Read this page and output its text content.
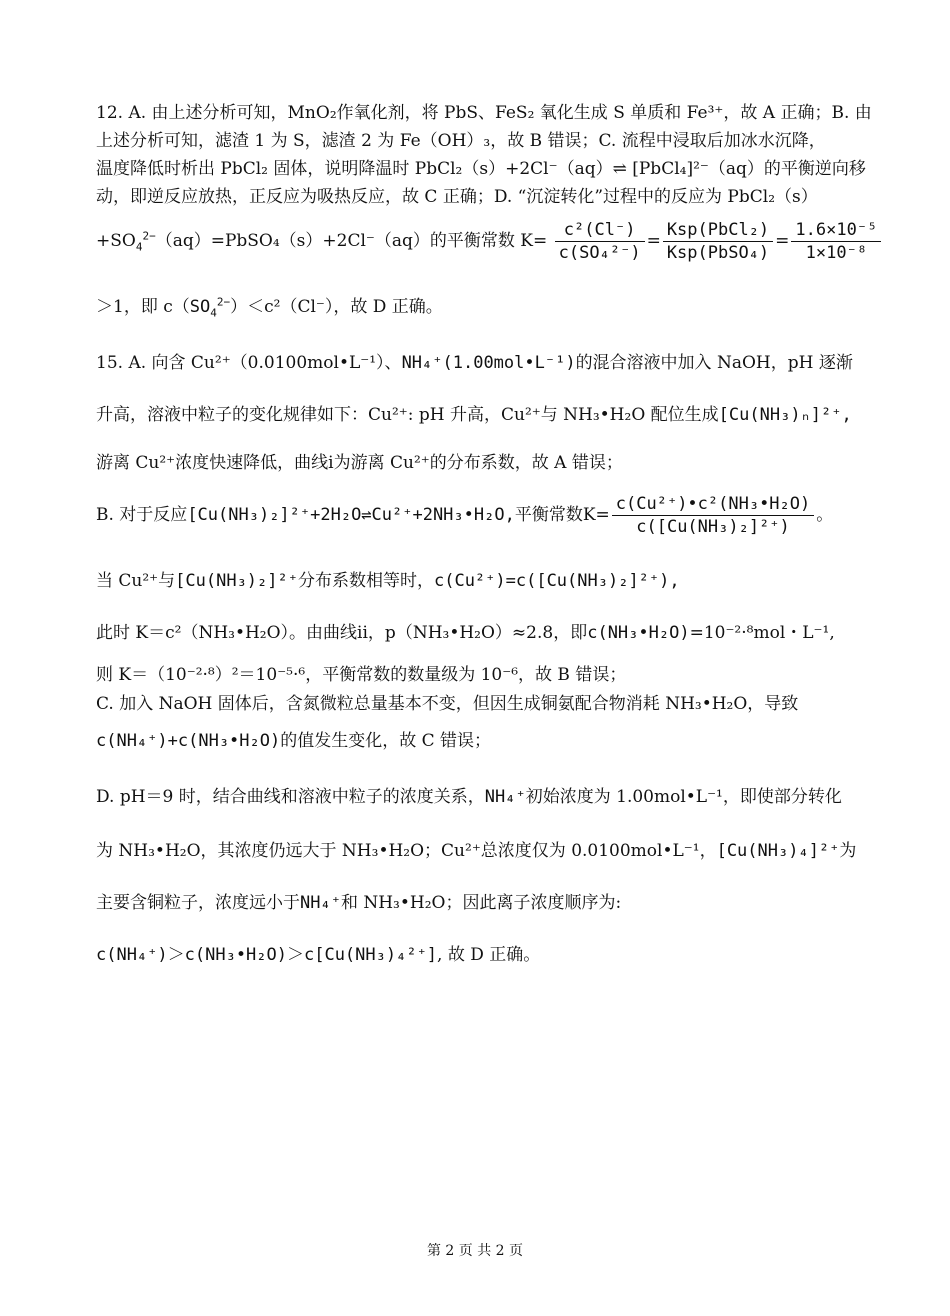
12. A. 由上述分析可知，MnO₂作氧化剂，将 PbS、FeS₂ 氧化生成 S 单质和 Fe³⁺，故 A 正确；B. 由
上述分析可知，滤渣 1 为 S，滤渣 2 为 Fe（OH）₃，故 B 错误；C. 流程中浸取后加冰水沉降，
温度降低时析出 PbCl₂ 固体，说明降温时 PbCl₂（s）+2Cl⁻（aq）⇌ [PbCl₄]²⁻（aq）的平衡逆向移
动，即逆反应放热，正反应为吸热反应，故 C 正确；D. “沉淀转化”过程中的反应为 PbCl₂（s）
$+SO_4^{2-}(aq)=PbSO_4(s)+2Cl^-(aq)$的平衡常数 $K= \frac{\text{c²(Cl⁻)}}{\text{c(SO₄²⁻)}} = \frac{\text{Ksp(PbCl₂)}}{\text{Ksp(PbSO₄)}} = \frac{\text{1.6×10⁻⁵}}{\text{1×10⁻⁸}}$
＞1，即 $c(SO_4^{2-})<c^2(Cl^-)$，故 D 正确。
15. A. 向含 Cu²⁺（0.0100mol•L⁻¹）、NH₄⁺(1.00mol•L⁻¹)的混合溶液中加入 NaOH，pH 逐渐
升高，溶液中粒子的变化规律如下：Cu²⁺: pH 升高，Cu²⁺与 NH₃•H₂O 配位生成[Cu(NH₃)ₙ]²⁺,
游离 Cu²⁺浓度快速降低，曲线i为游离 Cu²⁺的分布系数，故 A 错误；
B. 对于反应[Cu(NH₃)₂]²⁺+2H₂O⇌Cu²⁺+2NH₃•H₂O,平衡常数$K= \frac{\text{c(Cu²⁺)•c²(NH₃•H₂O)}}{\text{c([Cu(NH₃)₂]²⁺)}}$ 。
当 Cu²⁺与[Cu(NH₃)₂]²⁺分布系数相等时，c(Cu²⁺)=c([Cu(NH₃)₂]²⁺),
此时 K＝c²（NH₃•H₂O）。由曲线ii，p（NH₃•H₂O）≈2.8，即c(NH₃•H₂O)=10⁻²·⁸mol・L⁻¹,
则 K＝（10⁻²·⁸）²＝10⁻⁵·⁶，平衡常数的数量级为 10⁻⁶，故 B 错误；
C. 加入 NaOH 固体后，含氮微粒总量基本不变，但因生成铜氨配合物消耗 NH₃•H₂O，导致
c(NH₄⁺)+c(NH₃•H₂O)的值发生变化，故 C 错误；
D. pH＝9 时，结合曲线和溶液中粒子的浓度关系，NH₄⁺初始浓度为 1.00mol•L⁻¹，即使部分转化
为 NH₃•H₂O，其浓度仍远大于 NH₃•H₂O；Cu²⁺总浓度仅为 0.0100mol•L⁻¹，[Cu(NH₃)₄]²⁺为
主要含铜粒子，浓度远小于NH₄⁺和 NH₃•H₂O；因此离子浓度顺序为:
c(NH₄⁺)＞c(NH₃•H₂O)＞c[Cu(NH₃)₄²⁺], 故 D 正确。
第 2 页 共 2 页
